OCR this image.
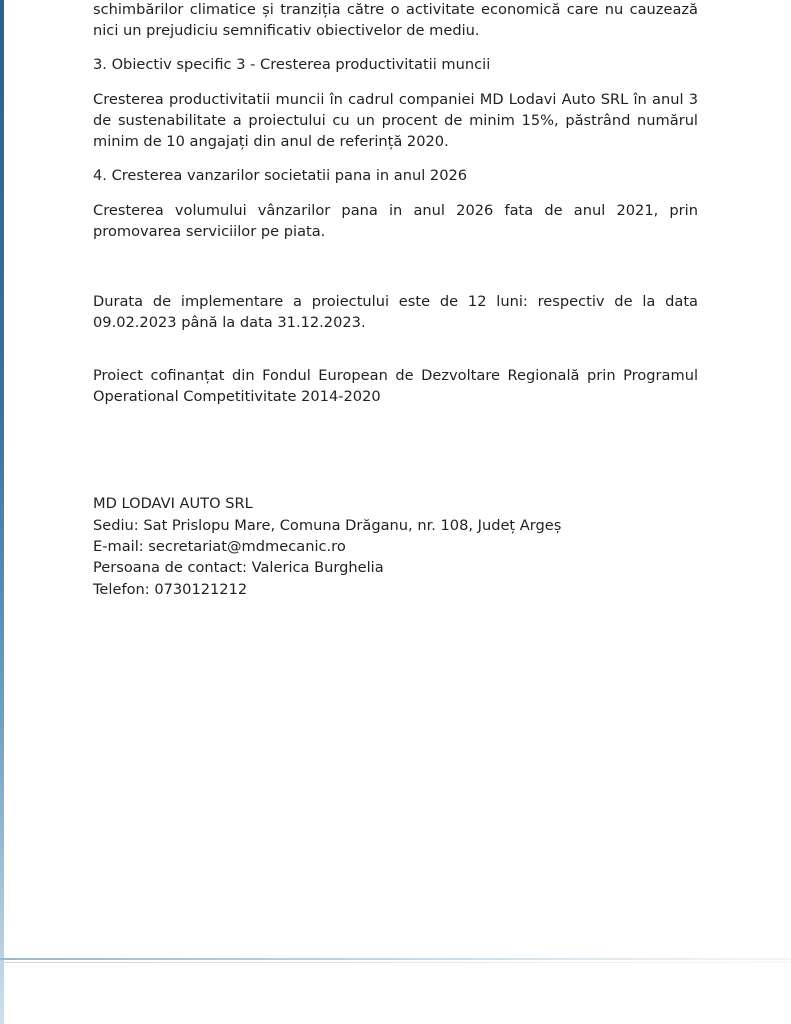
schimbărilor climatice și tranziția către o activitate economică care nu cauzează nici un prejudiciu semnificativ obiectivelor de mediu.

3. Obiectiv specific 3 - Cresterea productivitatii muncii

Cresterea productivitatii muncii în cadrul companiei MD Lodavi Auto SRL în anul 3 de sustenabilitate a proiectului cu un procent de minim 15%, păstrând numărul minim de 10 angajați din anul de referință 2020.

4. Cresterea vanzarilor societatii pana in anul 2026

Cresterea volumului vânzarilor pana in anul 2026 fata de anul 2021, prin promovarea serviciilor pe piata.

Durata de implementare a proiectului este de 12 luni: respectiv de la data 09.02.2023 până la data 31.12.2023.

Proiect cofinanțat din Fondul European de Dezvoltare Regională prin Programul Operational Competitivitate 2014-2020

MD LODAVI AUTO SRL
Sediu: Sat Prislopu Mare, Comuna Drăganu, nr. 108, Județ Argeș
E-mail: secretariat@mdmecanic.ro
Persoana de contact: Valerica Burghelia
Telefon: 0730121212
